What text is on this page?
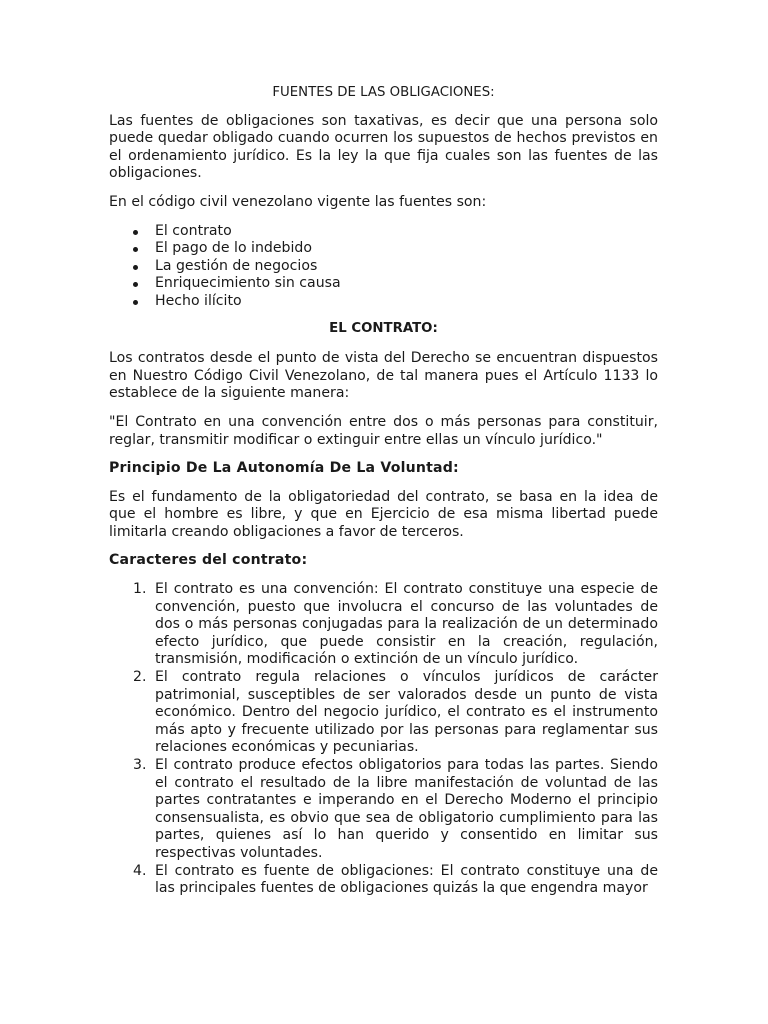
FUENTES DE LAS OBLIGACIONES:

Las fuentes de obligaciones son taxativas, es decir que una persona solo puede quedar obligado cuando ocurren los supuestos de hechos previstos en el ordenamiento jurídico. Es la ley la que fija cuales son las fuentes de las obligaciones.

En el código civil venezolano vigente las fuentes son:

El contrato
El pago de lo indebido
La gestión de negocios
Enriquecimiento sin causa
Hecho ilícito
EL CONTRATO:

Los contratos desde el punto de vista del Derecho se encuentran dispuestos en Nuestro Código Civil Venezolano, de tal manera pues el Artículo 1133 lo establece de la siguiente manera:

"El Contrato en una convención entre dos o más personas para constituir, reglar, transmitir modificar o extinguir entre ellas un vínculo jurídico."

Principio De La Autonomía De La Voluntad:

Es el fundamento de la obligatoriedad del contrato, se basa en la idea de que el hombre es libre, y que en Ejercicio de esa misma libertad puede limitarla creando obligaciones a favor de terceros.

Caracteres del contrato:
1. El contrato es una convención: El contrato constituye una especie de convención, puesto que involucra el concurso de las voluntades de dos o más personas conjugadas para la realización de un determinado efecto jurídico, que puede consistir en la creación, regulación, transmisión, modificación o extinción de un vínculo jurídico.
2. El contrato regula relaciones o vínculos jurídicos de carácter patrimonial, susceptibles de ser valorados desde un punto de vista económico. Dentro del negocio jurídico, el contrato es el instrumento más apto y frecuente utilizado por las personas para reglamentar sus relaciones económicas y pecuniarias.
3. El contrato produce efectos obligatorios para todas las partes. Siendo el contrato el resultado de la libre manifestación de voluntad de las partes contratantes e imperando en el Derecho Moderno el principio consensualista, es obvio que sea de obligatorio cumplimiento para las partes, quienes así lo han querido y consentido en limitar sus respectivas voluntades.
4. El contrato es fuente de obligaciones: El contrato constituye una de las principales fuentes de obligaciones quizás la que engendra mayor
